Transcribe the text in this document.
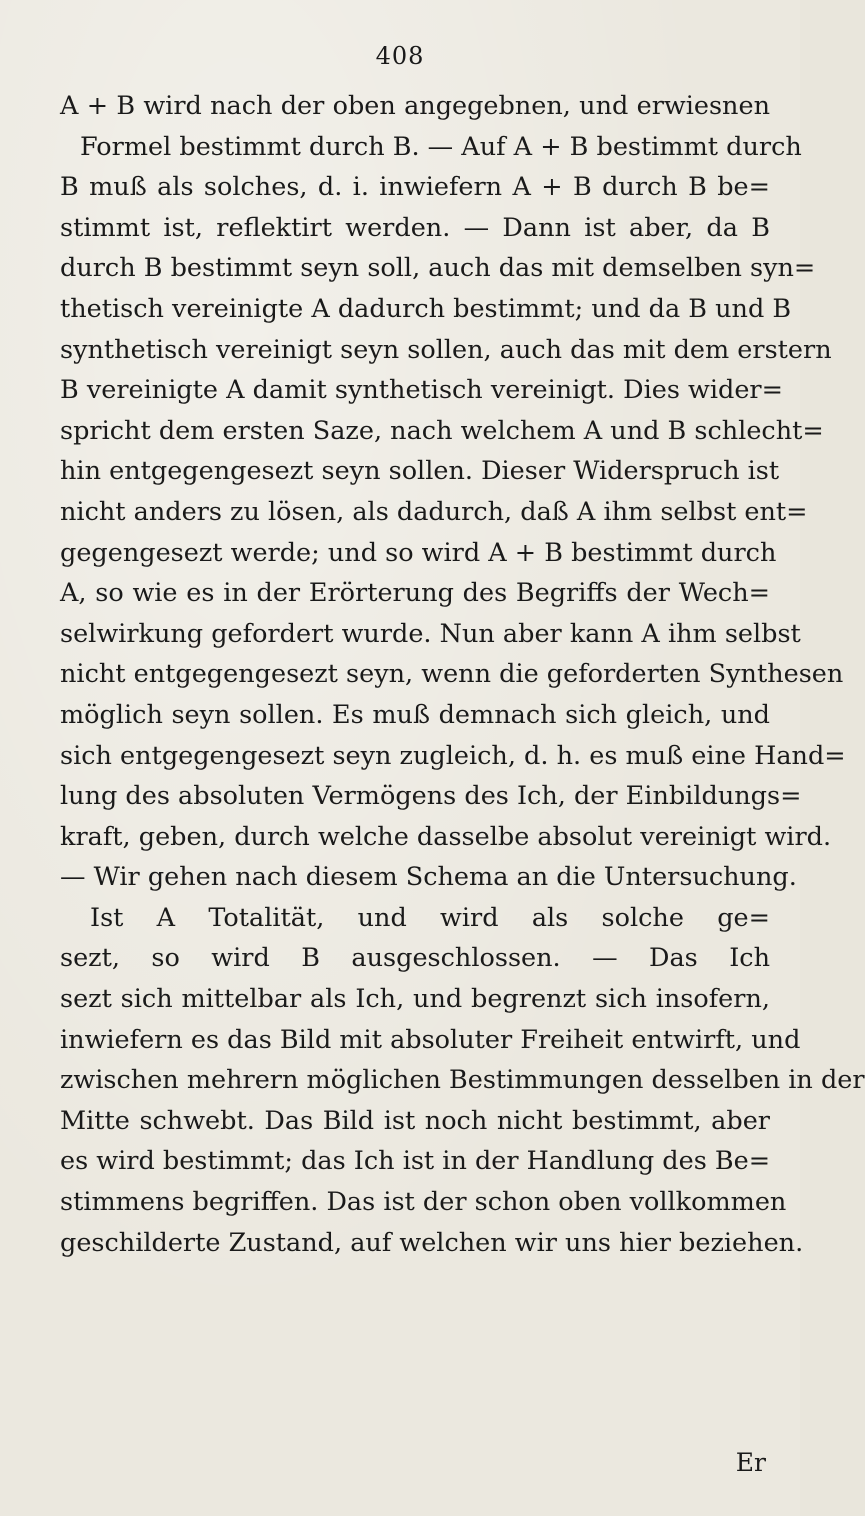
408
A + B wird nach der oben angegebnen, und erwiesnen
Formel bestimmt durch B. — Auf A + B bestimmt durch
B muß als solches, d. i. inwiefern A + B durch B be=
stimmt ist, reflektirt werden. — Dann ist aber, da B
durch B bestimmt seyn soll, auch das mit demselben syn=
thetisch vereinigte A dadurch bestimmt; und da B und B
synthetisch vereinigt seyn sollen, auch das mit dem erstern
B vereinigte A damit synthetisch vereinigt. Dies wider=
spricht dem ersten Saze, nach welchem A und B schlecht=
hin entgegengesezt seyn sollen. Dieser Widerspruch ist
nicht anders zu lösen, als dadurch, daß A ihm selbst ent=
gegengesezt werde; und so wird A + B bestimmt durch
A, so wie es in der Erörterung des Begriffs der Wech=
selwirkung gefordert wurde. Nun aber kann A ihm selbst
nicht entgegengesezt seyn, wenn die geforderten Synthesen
möglich seyn sollen. Es muß demnach sich gleich, und
sich entgegengesezt seyn zugleich, d. h. es muß eine Hand=
lung des absoluten Vermögens des Ich, der Einbildungs=
kraft, geben, durch welche dasselbe absolut vereinigt wird.
— Wir gehen nach diesem Schema an die Untersuchung.
Ist A Totalität, und wird als solche ge=
sezt, so wird B ausgeschlossen. — Das Ich
sezt sich mittelbar als Ich, und begrenzt sich insofern,
inwiefern es das Bild mit absoluter Freiheit entwirft, und
zwischen mehrern möglichen Bestimmungen desselben in der
Mitte schwebt. Das Bild ist noch nicht bestimmt, aber
es wird bestimmt; das Ich ist in der Handlung des Be=
stimmens begriffen. Das ist der schon oben vollkommen
geschilderte Zustand, auf welchen wir uns hier beziehen.
Er
